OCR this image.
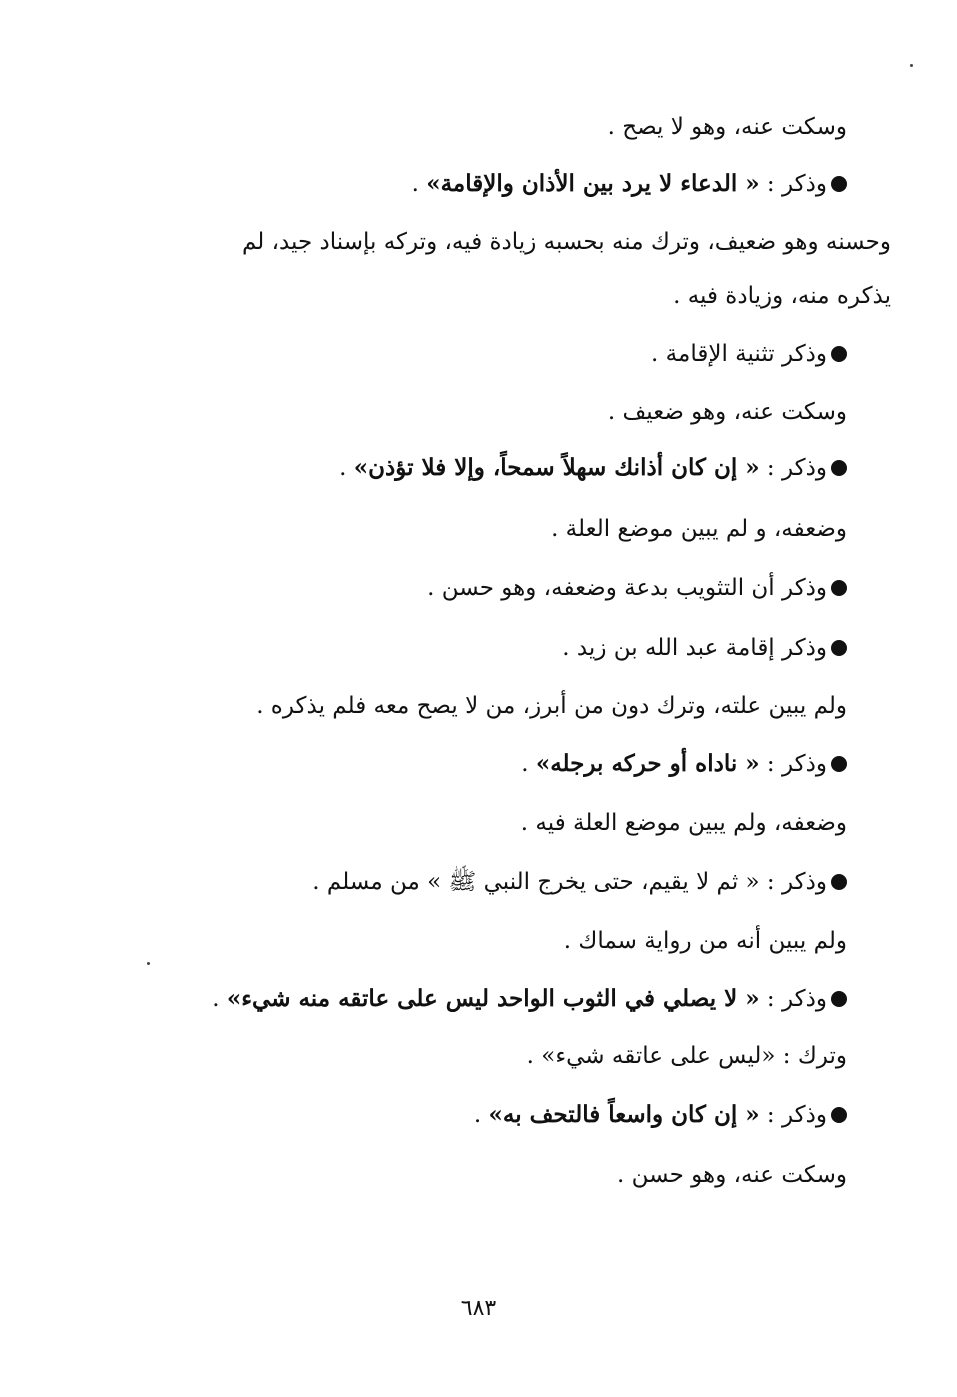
وسكت عنه، وهو لا يصح .
وذكر : « الدعاء لا يرد بين الأذان والإقامة» .
وحسنه وهو ضعيف، وترك منه بحسبه زيادة فيه، وتركه بإسناد جيد، لم
يذكره منه، وزيادة فيه .
وذكر تثنية الإقامة .
وسكت عنه، وهو ضعيف .
وذكر : « إن كان أذانك سهلاً سمحاً، وإلا فلا تؤذن» .
وضعفه، و لم يبين موضع العلة .
وذكر أن التثويب بدعة وضعفه، وهو حسن .
وذكر إقامة عبد الله بن زيد .
ولم يبين علته، وترك دون من أبرز، من لا يصح معه فلم يذكره .
وذكر : « ناداه أو حركه برجله» .
وضعفه، ولم يبين موضع العلة فيه .
وذكر : « ثم لا يقيم، حتى يخرج النبي ﷺ » من مسلم .
ولم يبين أنه من رواية سماك .
وذكر : « لا يصلي في الثوب الواحد ليس على عاتقه منه شيء» .
وترك : «ليس على عاتقه شيء» .
وذكر : « إن كان واسعاً فالتحف به» .
وسكت عنه، وهو حسن .
٦٨٣
